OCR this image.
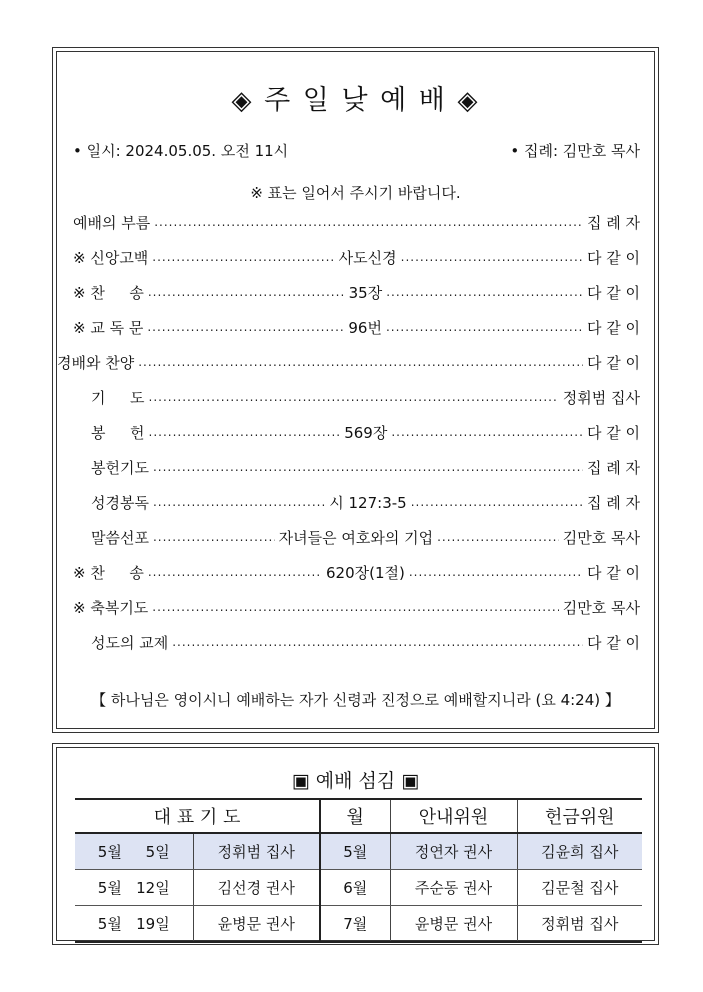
◈ 주 일 낮 예 배 ◈
• 일시: 2024.05.05. 오전 11시	• 집례: 김만호 목사
※ 표는 일어서 주시기 바랍니다.
예배의 부름 .....	집 례 자
※ 신앙고백 .....	사도신경 .....	다 같 이
※ 찬 　 송 .....	35장 .....	다 같 이
※ 교 독 문 .....	96번 .....	다 같 이
경배와 찬양 .....	다 같 이
기 　 도 .....	정휘범 집사
봉 　 헌 .....	569장 .....	다 같 이
봉헌기도 .....	집 례 자
성경봉독 .....	시 127:3-5 .....	집 례 자
말씀선포 .....	자녀들은 여호와의 기업 .....	김만호 목사
※ 찬 　 송 .....	620장(1절) .....	다 같 이
※ 축복기도 .....	김만호 목사
성도의 교제 .....	다 같 이
【 하나님은 영이시니 예배하는 자가 신령과 진정으로 예배할지니라 (요 4:24) 】
▣ 예배 섬김 ▣
대 표 기 도		월	안내위원	헌금위원
5월 5일	정휘범 집사	5월	정연자 권사	김윤희 집사
5월 12일	김선경 권사	6월	주순동 권사	김문철 집사
5월 19일	윤병문 권사	7월	윤병문 권사	정휘범 집사
